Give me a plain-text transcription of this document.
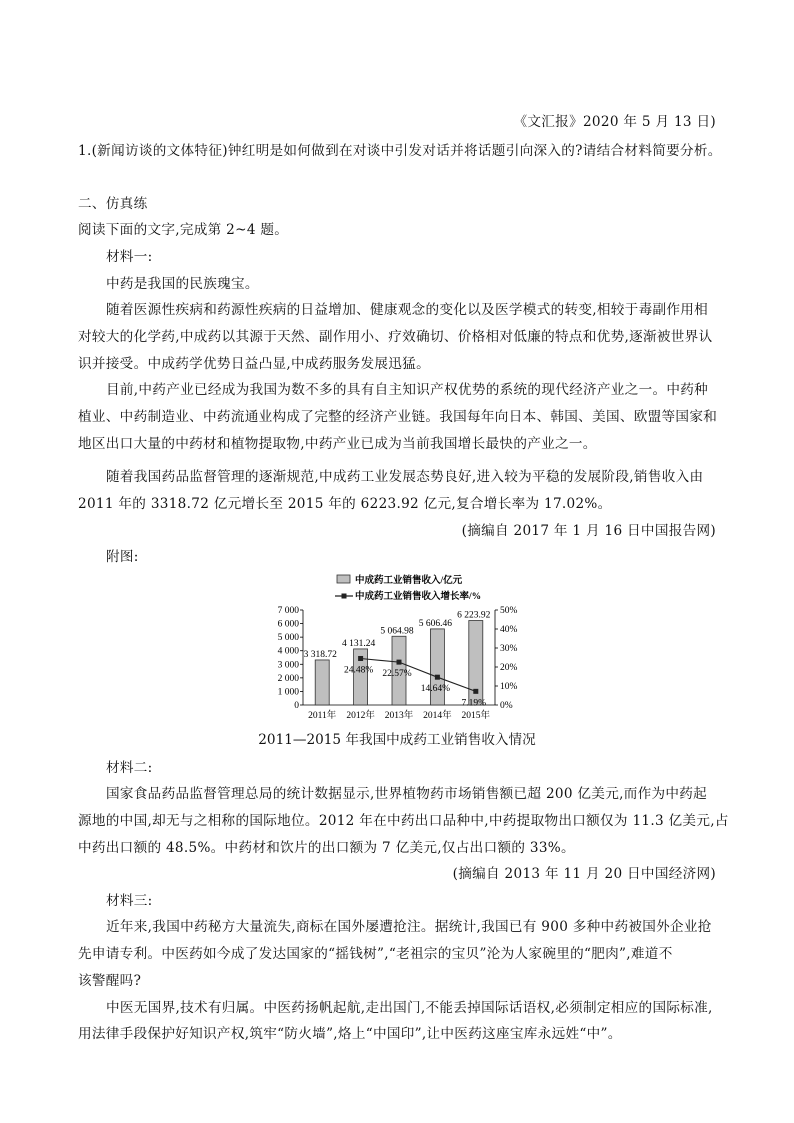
《文汇报》2020 年 5 月 13 日)
1.(新闻访谈的文体特征)钟红明是如何做到在对谈中引发对话并将话题引向深入的?请结合材料简要分析。
二、仿真练
阅读下面的文字,完成第 2~4 题。
材料一:
中药是我国的民族瑰宝。
随着医源性疾病和药源性疾病的日益增加、健康观念的变化以及医学模式的转变,相较于毒副作用相
对较大的化学药,中成药以其源于天然、副作用小、疗效确切、价格相对低廉的特点和优势,逐渐被世界认
识并接受。中成药学优势日益凸显,中成药服务发展迅猛。
目前,中药产业已经成为我国为数不多的具有自主知识产权优势的系统的现代经济产业之一。中药种
植业、中药制造业、中药流通业构成了完整的经济产业链。我国每年向日本、韩国、美国、欧盟等国家和
地区出口大量的中药材和植物提取物,中药产业已成为当前我国增长最快的产业之一。
随着我国药品监督管理的逐渐规范,中成药工业发展态势良好,进入较为平稳的发展阶段,销售收入由
2011 年的 3318.72 亿元增长至 2015 年的 6223.92 亿元,复合增长率为 17.02%。
(摘编自 2017 年 1 月 16 日中国报告网)
附图:
中成药工业销售收入/亿元
中成药工业销售收入增长率/%
0
1 000
2 000
3 000
4 000
5 000
6 000
7 000
0%
10%
20%
30%
40%
50%
3 318.72
2011年
4 131.24
2012年
5 064.98
2013年
5 606.46
2014年
6 223.92
2015年
24.48% 22.57%
14.64%
7.19%
2011—2015 年我国中成药工业销售收入情况
材料二:
国家食品药品监督管理总局的统计数据显示,世界植物药市场销售额已超 200 亿美元,而作为中药起
源地的中国,却无与之相称的国际地位。2012 年在中药出口品种中,中药提取物出口额仅为 11.3 亿美元,占
中药出口额的 48.5%。中药材和饮片的出口额为 7 亿美元,仅占出口额的 33%。
(摘编自 2013 年 11 月 20 日中国经济网)
材料三:
近年来,我国中药秘方大量流失,商标在国外屡遭抢注。据统计,我国已有 900 多种中药被国外企业抢
先申请专利。中医药如今成了发达国家的“摇钱树”,“老祖宗的宝贝”沦为人家碗里的“肥肉”,难道不
该警醒吗?
中医无国界,技术有归属。中医药扬帆起航,走出国门,不能丢掉国际话语权,必须制定相应的国际标准,
用法律手段保护好知识产权,筑牢“防火墙”,烙上“中国印”,让中医药这座宝库永远姓“中”。
